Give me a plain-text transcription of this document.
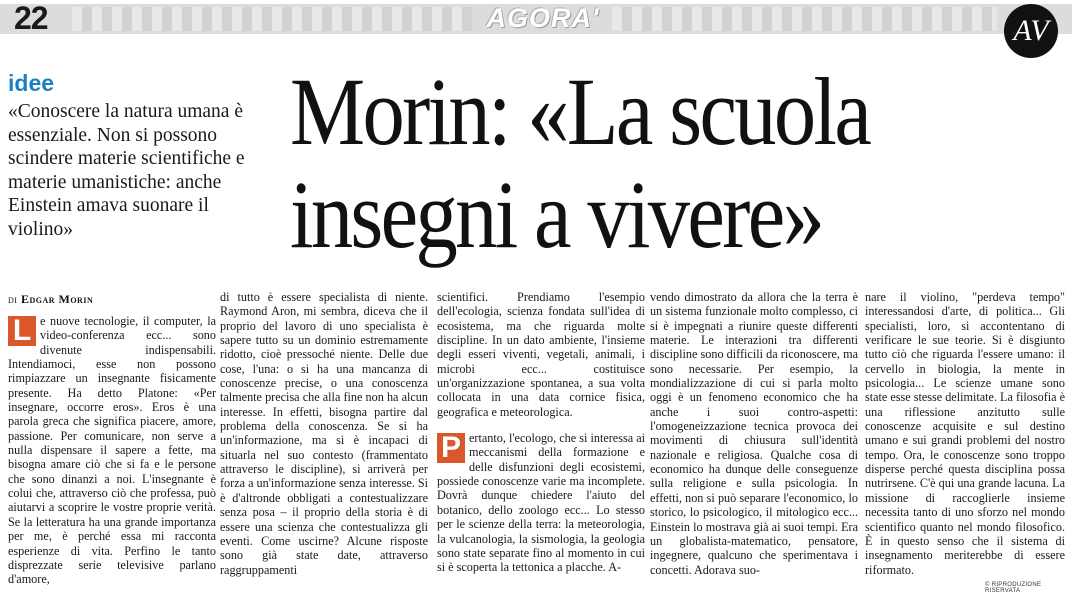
22	AGORA'	AV
idee
«Conoscere la natura umana è essenziale. Non si possono scindere materie scientifiche e materie umanistiche: anche Einstein amava suonare il violino»
Morin: «La scuola
insegni a vivere»
di Edgar Morin

L e nuove tecnologie, il computer, la video-conferenza ecc... sono divenute indispensabili. Intendiamoci, esse non possono rimpiazzare un insegnante fisicamente presente. Ha detto Platone: «Per insegnare, occorre eros». Eros è una parola greca che significa piacere, amore, passione. Per comunicare, non serve a nulla dispensare il sapere a fette, ma bisogna amare ciò che si fa e le persone che sono dinanzi a noi. L'insegnante è colui che, attraverso ciò che professa, può aiutarvi a scoprire le vostre proprie verità. Se la letteratura ha una grande importanza per me, è perché essa mi racconta esperienze di vita. Perfino le tanto disprezzate serie televisive parlano d'amore,

di tutto è essere specialista di niente. Raymond Aron, mi sembra, diceva che il proprio del lavoro di uno specialista è sapere tutto su un dominio estremamente ridotto, cioè pressoché niente. Delle due cose, l'una: o si ha una mancanza di conoscenze precise, o una conoscenza talmente precisa che alla fine non ha alcun interesse. In effetti, bisogna partire dal problema della conoscenza. Se si ha un'informazione, ma si è incapaci di situarla nel suo contesto (frammentato attraverso le discipline), si arriverà per forza a un'informazione senza interesse. Si è d'altronde obbligati a contestualizzare senza posa – il proprio della storia è di essere una scienza che contestualizza gli eventi. Come uscirne? Alcune risposte sono già state date, attraverso raggruppamenti

scientifici. Prendiamo l'esempio dell'ecologia, scienza fondata sull'idea di ecosistema, ma che riguarda molte discipline. In un dato ambiente, l'insieme degli esseri viventi, vegetali, animali, i microbi ecc... costituisce un'organizzazione spontanea, a sua volta collocata in una data cornice fisica, geografica e meteorologica.

P ertanto, l'ecologo, che si interessa ai meccanismi della formazione e delle disfunzioni degli ecosistemi, possiede conoscenze varie ma incomplete. Dovrà dunque chiedere l'aiuto del botanico, dello zoologo ecc... Lo stesso per le scienze della terra: la meteorologia, la vulcanologia, la sismologia, la geologia sono state separate fino al momento in cui si è scoperta la tettonica a placche. A-

vendo dimostrato da allora che la terra è un sistema funzionale molto complesso, ci si è impegnati a riunire queste differenti materie. Le interazioni tra differenti discipline sono difficili da riconoscere, ma sono necessarie. Per esempio, la mondializzazione di cui si parla molto oggi è un fenomeno economico che ha anche i suoi contro-aspetti: l'omogeneizzazione tecnica provoca dei movimenti di chiusura sull'identità nazionale e religiosa. Qualche cosa di economico ha dunque delle conseguenze sulla religione e sulla psicologia. In effetti, non si può separare l'economico, lo storico, lo psicologico, il mitologico ecc... Einstein lo mostrava già ai suoi tempi. Era un globalista-matematico, pensatore, ingegnere, qualcuno che sperimentava i concetti. Adorava suo-

nare il violino, "perdeva tempo" interessandosi d'arte, di politica... Gli specialisti, loro, si accontentano di verificare le sue teorie. Si è disgiunto tutto ciò che riguarda l'essere umano: il cervello in biologia, la mente in psicologia... Le scienze umane sono state esse stesse delimitate. La filosofia è una riflessione anzitutto sulle conoscenze acquisite e sul destino umano e sui grandi problemi del nostro tempo. Ora, le conoscenze sono troppo disperse perché questa disciplina possa nutrirsene. C'è qui una grande lacuna. La missione di raccoglierle insieme necessita tanto di uno sforzo nel mondo scientifico quanto nel mondo filosofico. È in questo senso che il sistema di insegnamento meriterebbe di essere riformato.

© RIPRODUZIONE RISERVATA
